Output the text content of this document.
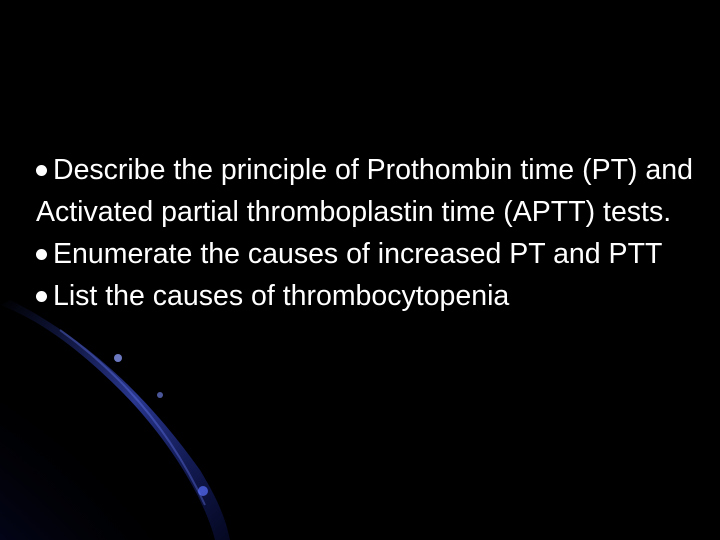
Describe the principle of Prothombin time (PT) and Activated partial thromboplastin time (APTT) tests.

Enumerate the causes of increased PT and PTT

List the causes of thrombocytopenia
